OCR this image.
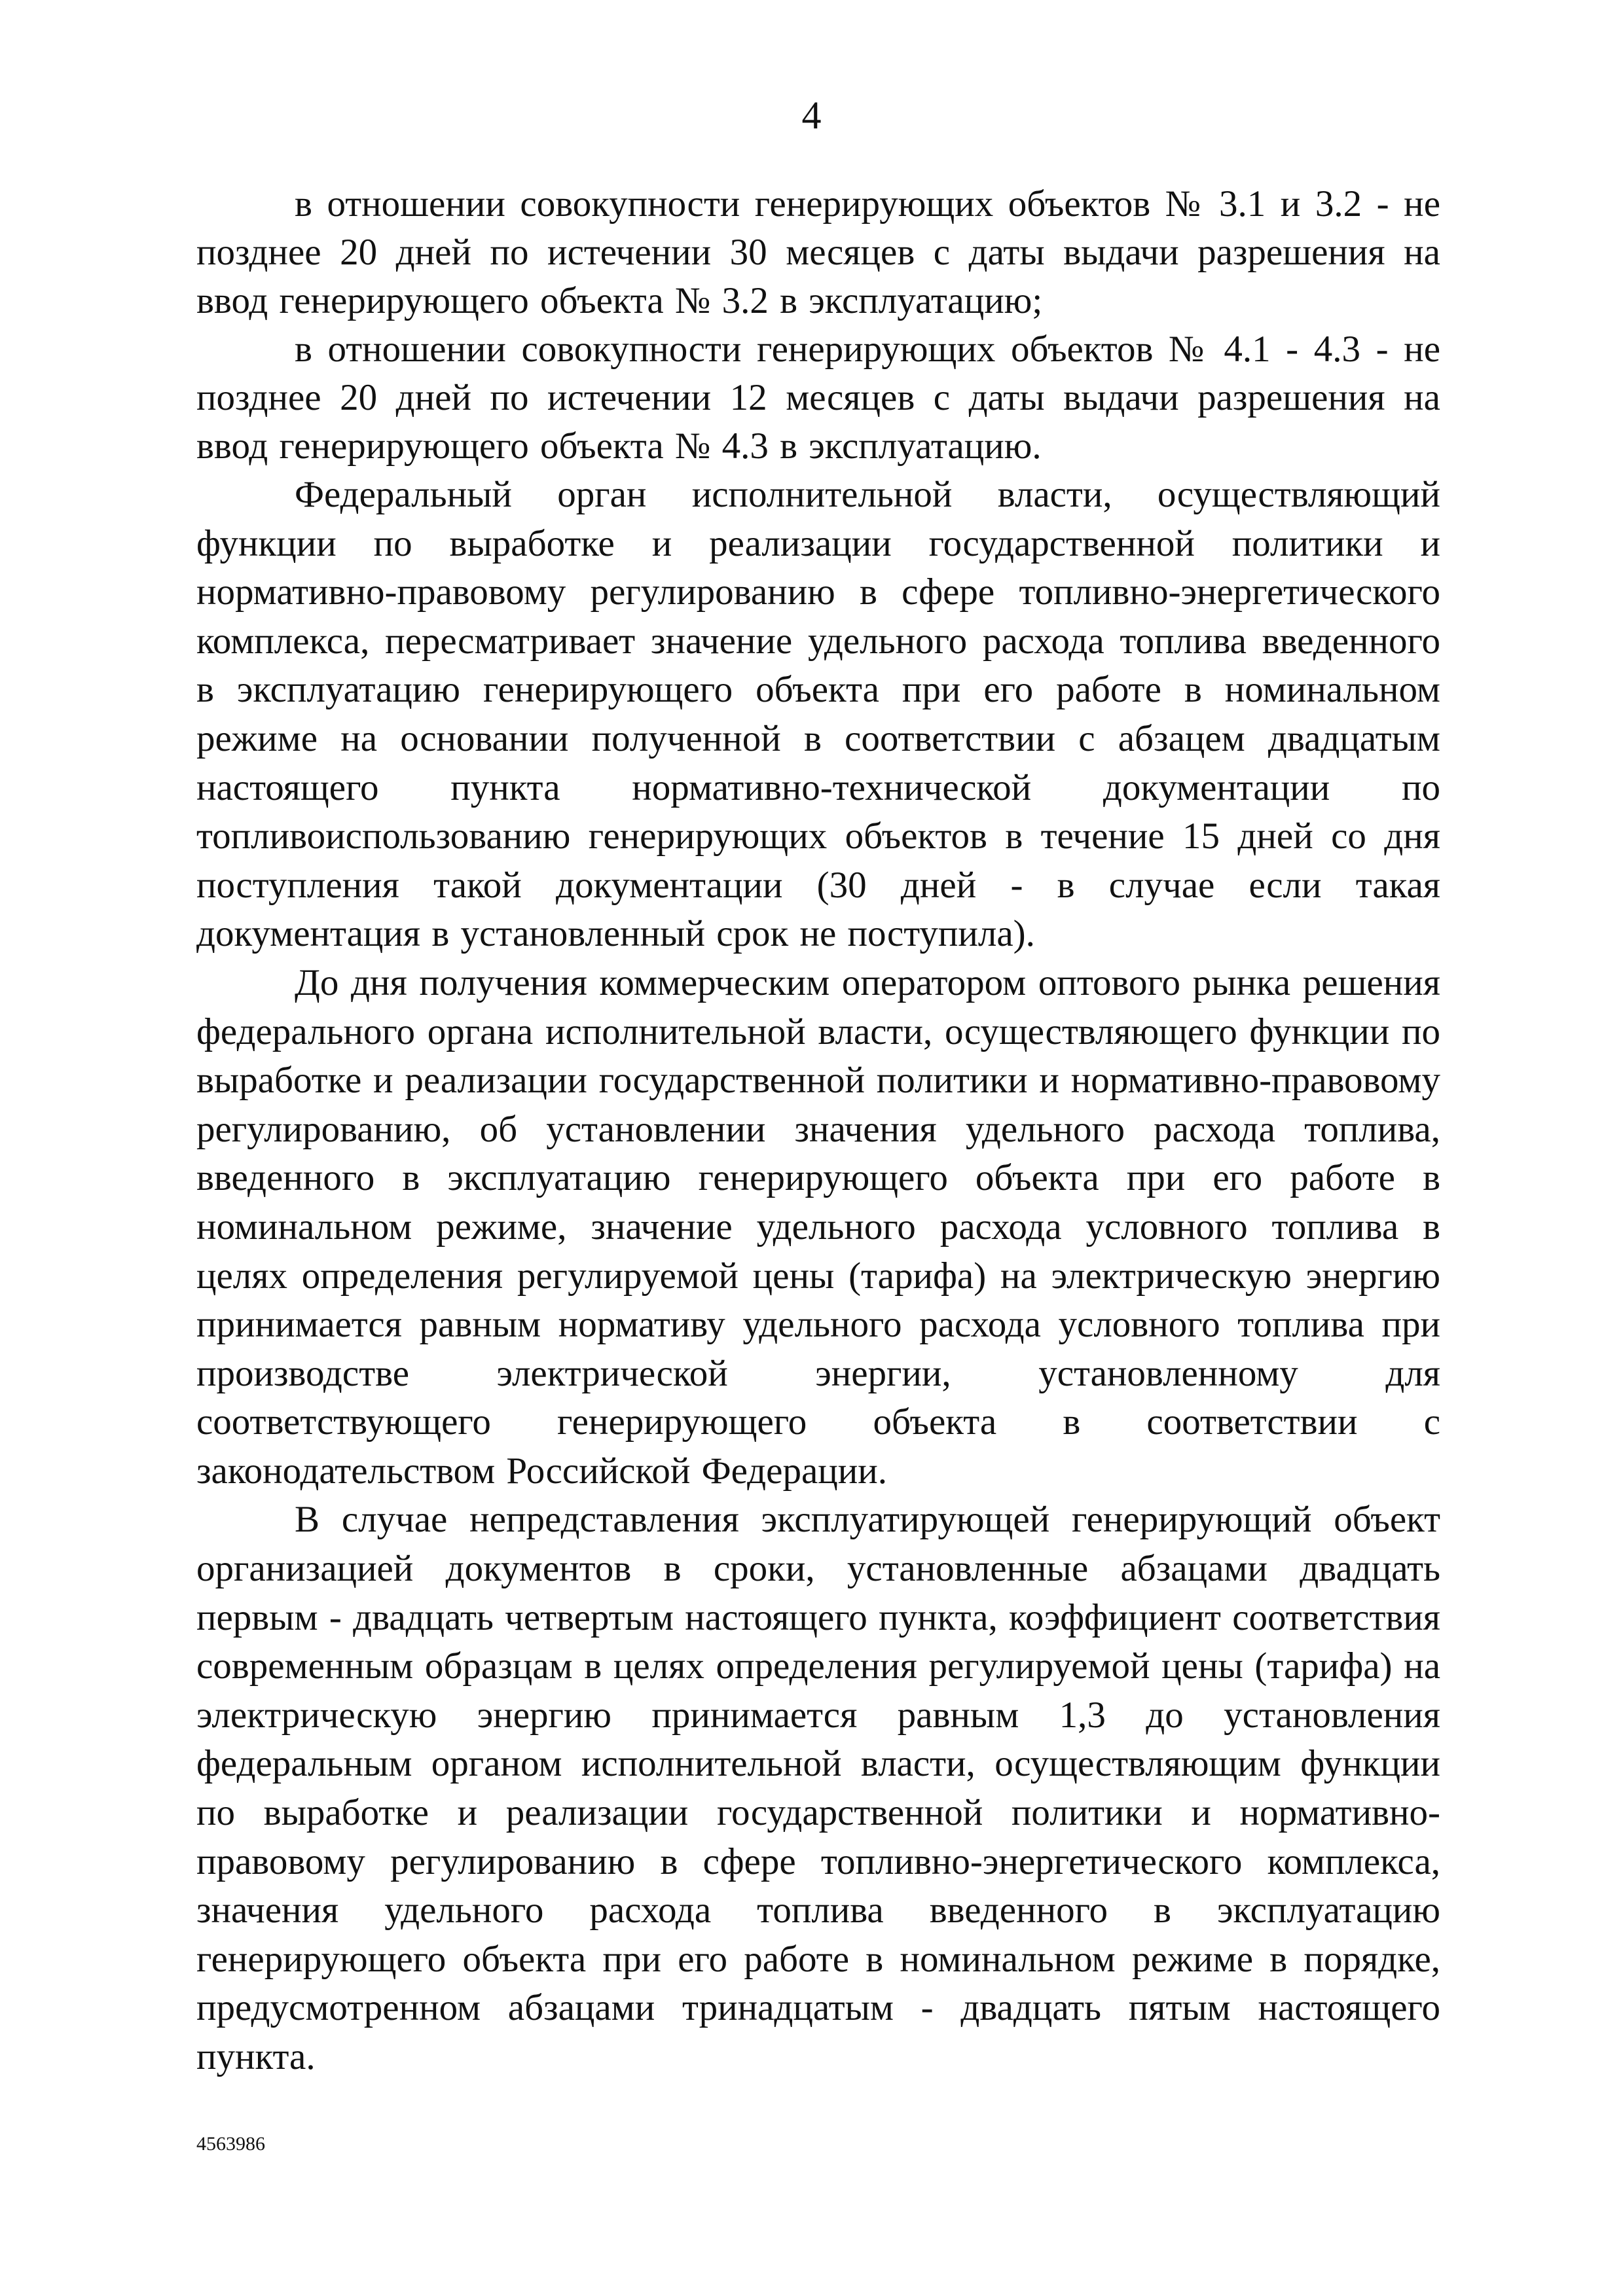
4

в отношении совокупности генерирующих объектов № 3.1 и 3.2 - не позднее 20 дней по истечении 30 месяцев с даты выдачи разрешения на ввод генерирующего объекта № 3.2 в эксплуатацию;

в отношении совокупности генерирующих объектов № 4.1 - 4.3 - не позднее 20 дней по истечении 12 месяцев с даты выдачи разрешения на ввод генерирующего объекта № 4.3 в эксплуатацию.

Федеральный орган исполнительной власти, осуществляющий функции по выработке и реализации государственной политики и нормативно-правовому регулированию в сфере топливно-энергетического комплекса, пересматривает значение удельного расхода топлива введенного в эксплуатацию генерирующего объекта при его работе в номинальном режиме на основании полученной в соответствии с абзацем двадцатым настоящего пункта нормативно-технической документации по топливоиспользованию генерирующих объектов в течение 15 дней со дня поступления такой документации (30 дней - в случае если такая документация в установленный срок не поступила).

До дня получения коммерческим оператором оптового рынка решения федерального органа исполнительной власти, осуществляющего функции по выработке и реализации государственной политики и нормативно-правовому регулированию, об установлении значения удельного расхода топлива, введенного в эксплуатацию генерирующего объекта при его работе в номинальном режиме, значение удельного расхода условного топлива в целях определения регулируемой цены (тарифа) на электрическую энергию принимается равным нормативу удельного расхода условного топлива при производстве электрической энергии, установленному для соответствующего генерирующего объекта в соответствии с законодательством Российской Федерации.

В случае непредставления эксплуатирующей генерирующий объект организацией документов в сроки, установленные абзацами двадцать первым - двадцать четвертым настоящего пункта, коэффициент соответствия современным образцам в целях определения регулируемой цены (тарифа) на электрическую энергию принимается равным 1,3 до установления федеральным органом исполнительной власти, осуществляющим функции по выработке и реализации государственной политики и нормативно-правовому регулированию в сфере топливно-энергетического комплекса, значения удельного расхода топлива введенного в эксплуатацию генерирующего объекта при его работе в номинальном режиме в порядке, предусмотренном абзацами тринадцатым - двадцать пятым настоящего пункта.

4563986
